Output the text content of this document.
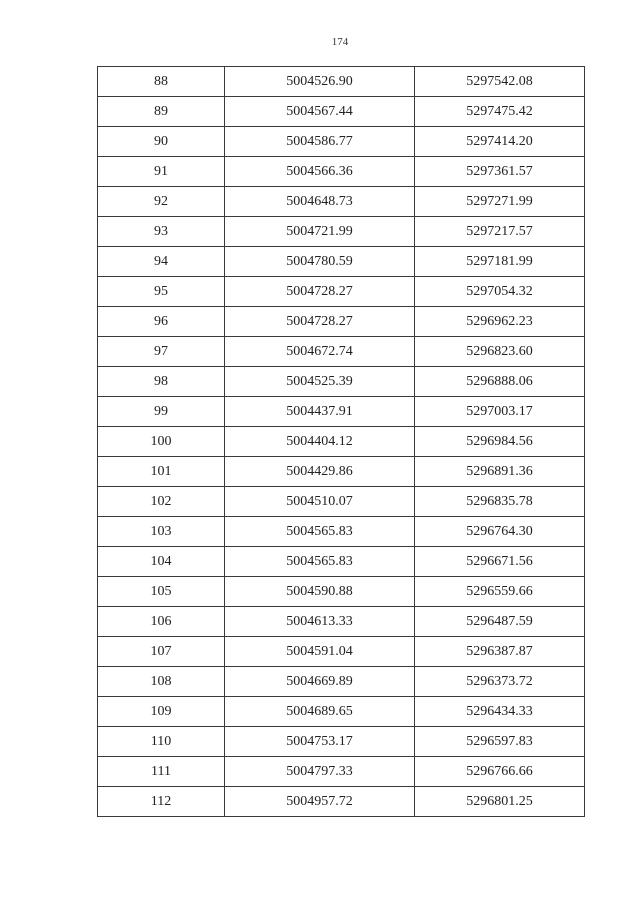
174
88	5004526.90	5297542.08
89	5004567.44	5297475.42
90	5004586.77	5297414.20
91	5004566.36	5297361.57
92	5004648.73	5297271.99
93	5004721.99	5297217.57
94	5004780.59	5297181.99
95	5004728.27	5297054.32
96	5004728.27	5296962.23
97	5004672.74	5296823.60
98	5004525.39	5296888.06
99	5004437.91	5297003.17
100	5004404.12	5296984.56
101	5004429.86	5296891.36
102	5004510.07	5296835.78
103	5004565.83	5296764.30
104	5004565.83	5296671.56
105	5004590.88	5296559.66
106	5004613.33	5296487.59
107	5004591.04	5296387.87
108	5004669.89	5296373.72
109	5004689.65	5296434.33
110	5004753.17	5296597.83
111	5004797.33	5296766.66
112	5004957.72	5296801.25
